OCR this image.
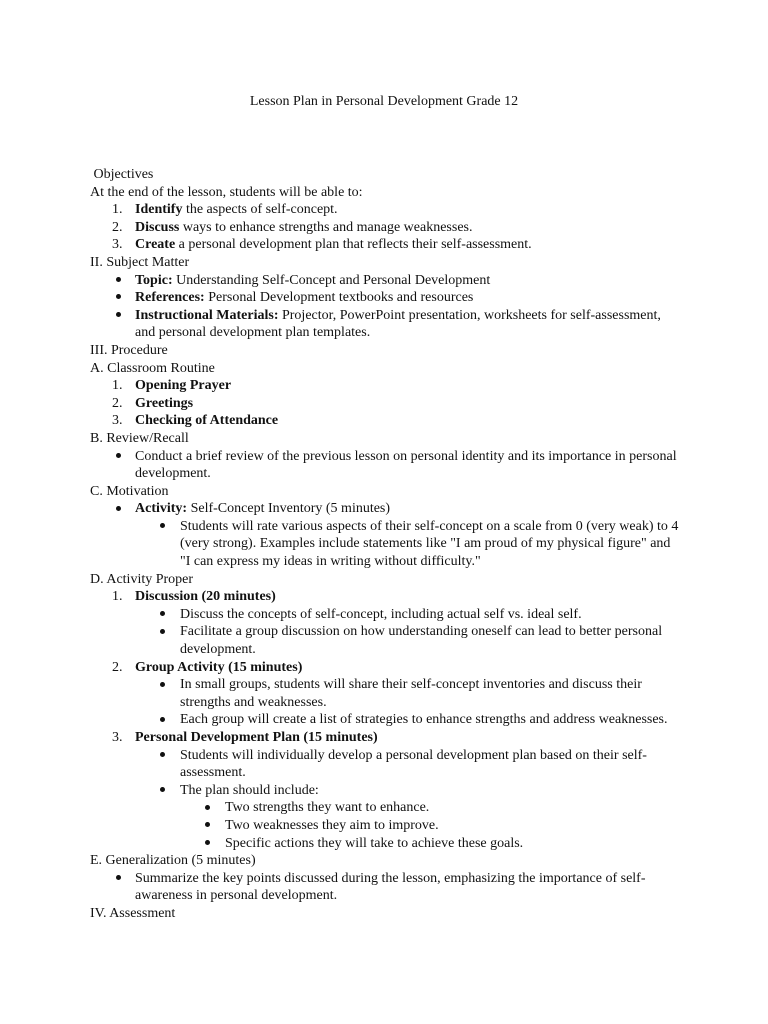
Lesson Plan in Personal Development Grade 12
Objectives
At the end of the lesson, students will be able to:
1. Identify the aspects of self-concept.
2. Discuss ways to enhance strengths and manage weaknesses.
3. Create a personal development plan that reflects their self-assessment.
II. Subject Matter
Topic: Understanding Self-Concept and Personal Development
References: Personal Development textbooks and resources
Instructional Materials: Projector, PowerPoint presentation, worksheets for self-assessment,
and personal development plan templates.
III. Procedure
A. Classroom Routine
1. Opening Prayer
2. Greetings
3. Checking of Attendance
B. Review/Recall
Conduct a brief review of the previous lesson on personal identity and its importance in personal
development.
C. Motivation
Activity: Self-Concept Inventory (5 minutes)
Students will rate various aspects of their self-concept on a scale from 0 (very weak) to 4
(very strong). Examples include statements like "I am proud of my physical figure" and
"I can express my ideas in writing without difficulty."
D. Activity Proper
1. Discussion (20 minutes)
Discuss the concepts of self-concept, including actual self vs. ideal self.
Facilitate a group discussion on how understanding oneself can lead to better personal
development.
2. Group Activity (15 minutes)
In small groups, students will share their self-concept inventories and discuss their
strengths and weaknesses.
Each group will create a list of strategies to enhance strengths and address weaknesses.
3. Personal Development Plan (15 minutes)
Students will individually develop a personal development plan based on their self-
assessment.
The plan should include:
Two strengths they want to enhance.
Two weaknesses they aim to improve.
Specific actions they will take to achieve these goals.
E. Generalization (5 minutes)
Summarize the key points discussed during the lesson, emphasizing the importance of self-
awareness in personal development.
IV. Assessment
